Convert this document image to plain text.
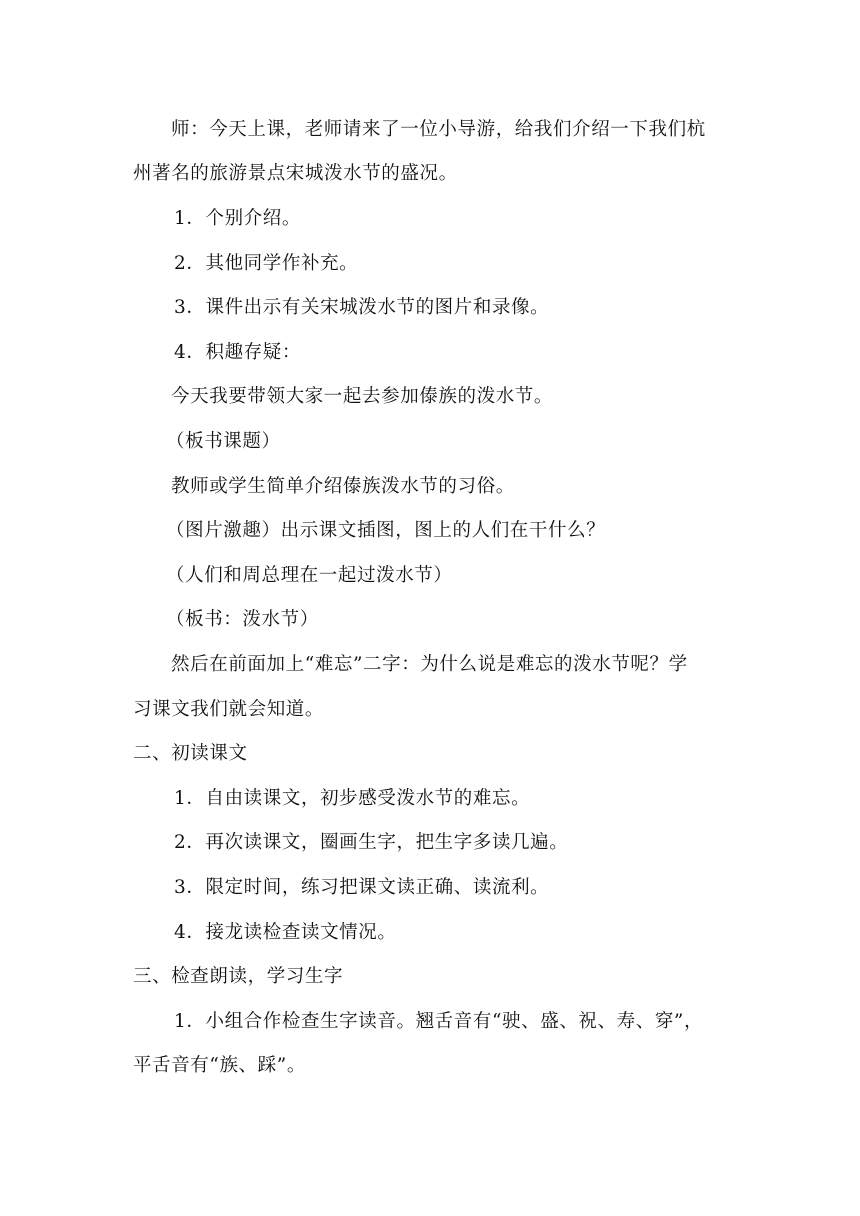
师：今天上课，老师请来了一位小导游，给我们介绍一下我们杭
州著名的旅游景点宋城泼水节的盛况。
1．个别介绍。
2．其他同学作补充。
3．课件出示有关宋城泼水节的图片和录像。
4．积趣存疑：
今天我要带领大家一起去参加傣族的泼水节。
（板书课题）
教师或学生简单介绍傣族泼水节的习俗。
（图片激趣）出示课文插图，图上的人们在干什么？
（人们和周总理在一起过泼水节）
（板书：泼水节）
然后在前面加上“难忘”二字：为什么说是难忘的泼水节呢？学
习课文我们就会知道。
二、初读课文
1．自由读课文，初步感受泼水节的难忘。
2．再次读课文，圈画生字，把生字多读几遍。
3．限定时间，练习把课文读正确、读流利。
4．接龙读检查读文情况。
三、检查朗读，学习生字
1．小组合作检查生字读音。翘舌音有“驶、盛、祝、寿、穿”，
平舌音有“族、踩”。
